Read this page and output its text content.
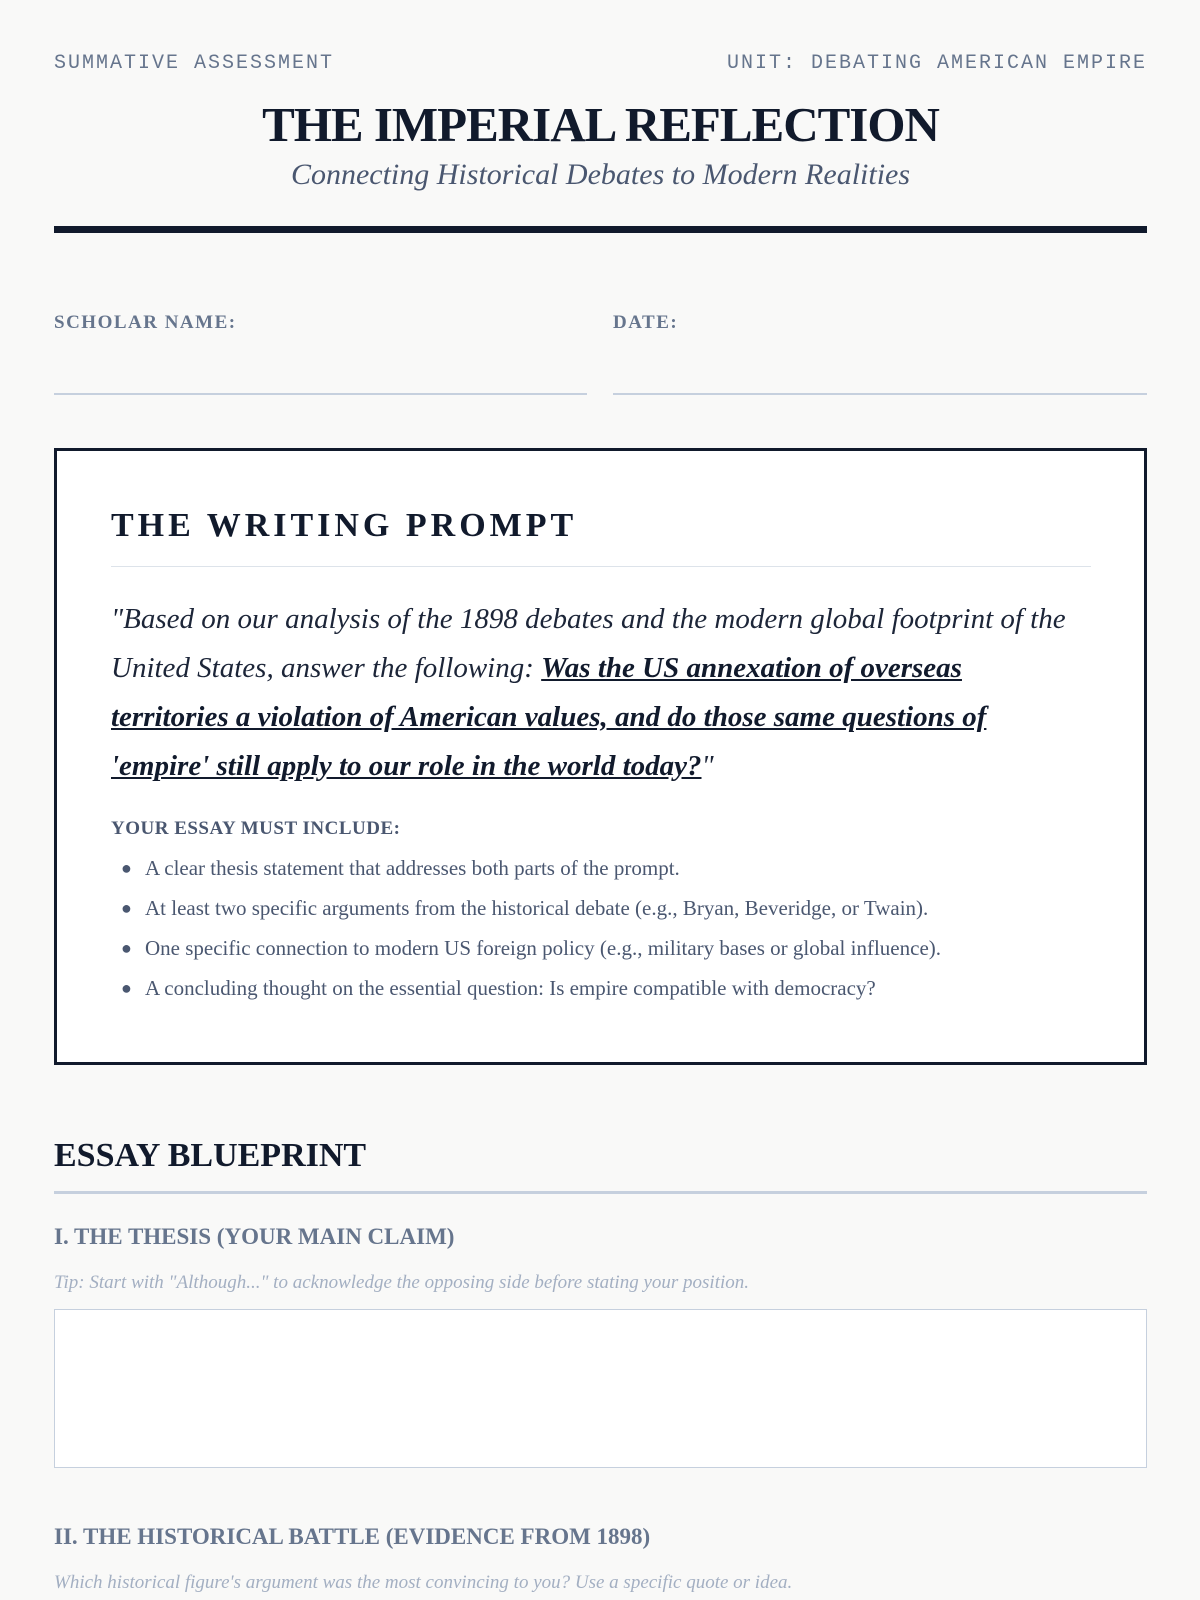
SUMMATIVE ASSESSMENT	UNIT: DEBATING AMERICAN EMPIRE
THE IMPERIAL REFLECTION
Connecting Historical Debates to Modern Realities
SCHOLAR NAME:	DATE:
THE WRITING PROMPT

"Based on our analysis of the 1898 debates and the modern global footprint of the United States, answer the following: Was the US annexation of overseas territories a violation of American values, and do those same questions of 'empire' still apply to our role in the world today?"

YOUR ESSAY MUST INCLUDE:
● A clear thesis statement that addresses both parts of the prompt.
● At least two specific arguments from the historical debate (e.g., Bryan, Beveridge, or Twain).
● One specific connection to modern US foreign policy (e.g., military bases or global influence).
● A concluding thought on the essential question: Is empire compatible with democracy?
ESSAY BLUEPRINT
I. THE THESIS (YOUR MAIN CLAIM)
Tip: Start with "Although..." to acknowledge the opposing side before stating your position.
II. THE HISTORICAL BATTLE (EVIDENCE FROM 1898)
Which historical figure's argument was the most convincing to you? Use a specific quote or idea.
